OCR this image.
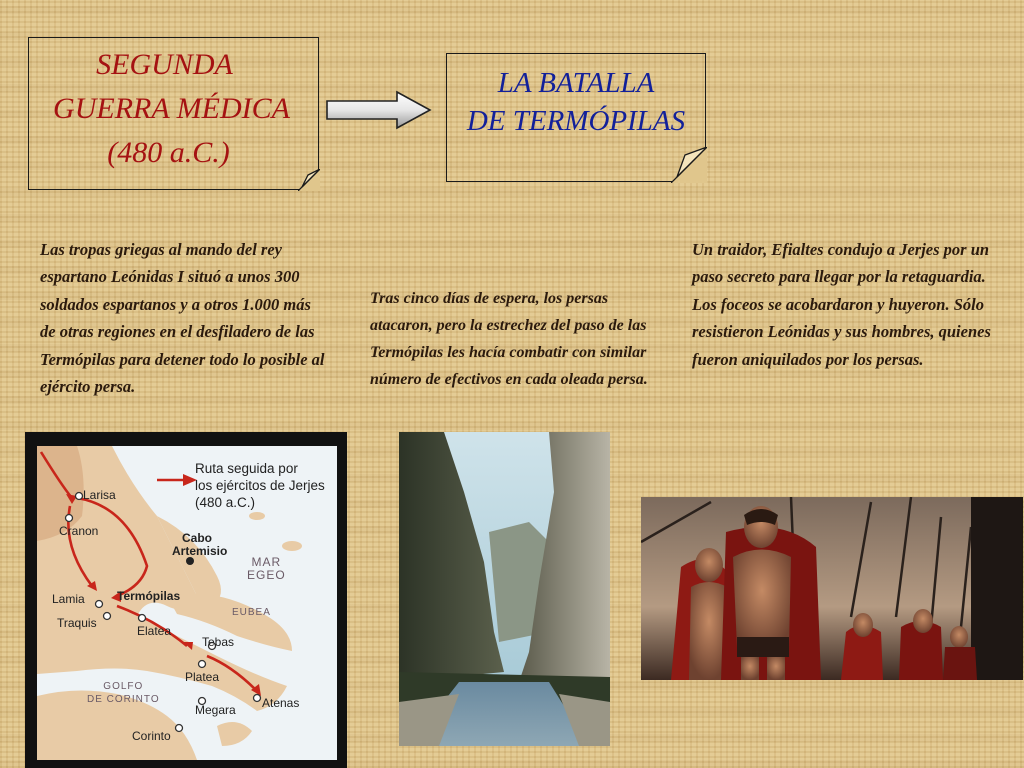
SEGUNDA
GUERRA MÉDICA
(480 a.C.)
LA BATALLA
DE TERMÓPILAS
Las tropas griegas al mando del rey espartano Leónidas I situó a unos 300 soldados espartanos y a otros 1.000 más de otras regiones en el desfiladero de las Termópilas para detener todo lo posible al ejército persa.
Tras cinco días de espera, los persas atacaron, pero la estrechez del paso de las Termópilas les hacía combatir con similar número de efectivos en cada oleada persa.
Un traidor, Efialtes condujo a Jerjes por un paso secreto para llegar por la retaguardia. Los foceos se acobardaron y huyeron. Sólo resistieron Leónidas y sus hombres, quienes fueron aniquilados por los persas.
Ruta seguida por
los ejércitos de Jerjes
(480 a.C.)
Larisa
Cranon	Cabo
Artemisio
Lamia	Termópilas
Traquis
Elatea
Tebas
Platea
Atenas
Megara
Corinto
MAR
EGEO
EUBEA
GOLFO
DE CORINTO
